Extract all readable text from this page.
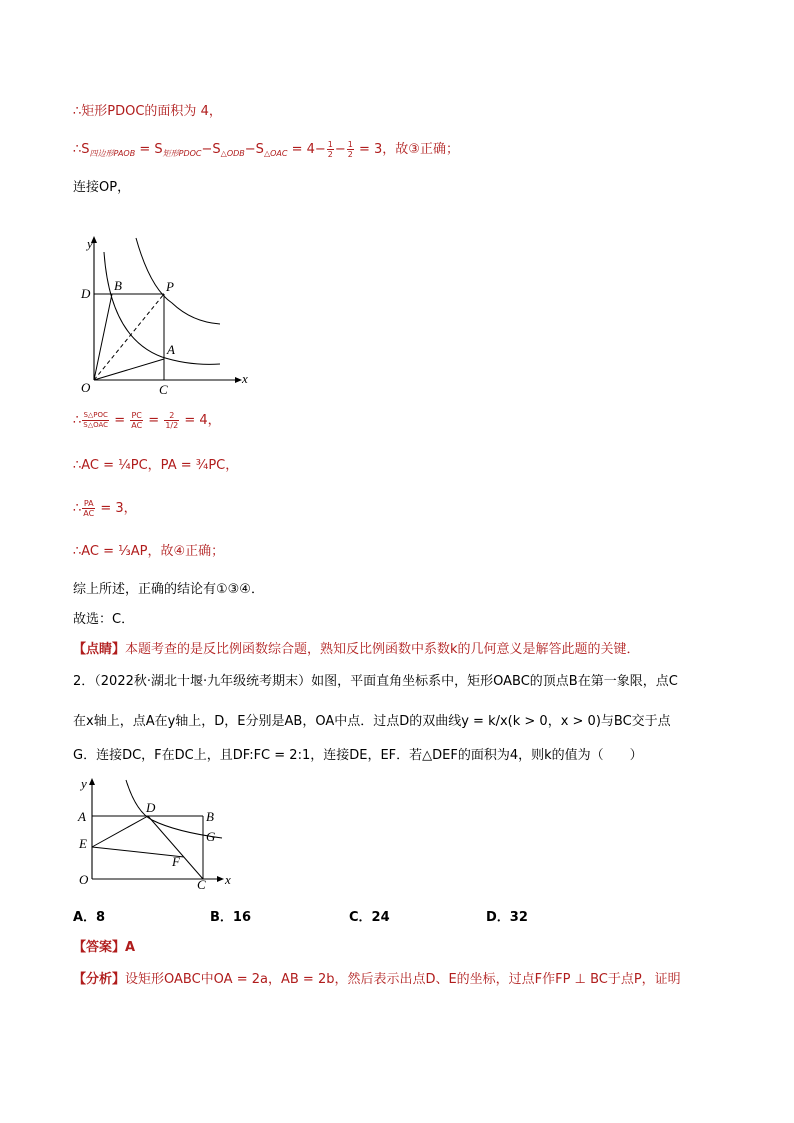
∴矩形PDOC的面积为 4，
$\therefore S_{四边形PAOB} = S_{矩形PDOC}-S_{\triangle ODB}-S_{\triangle OAC} = 4- \frac{1}{2} - \frac{1}{2} = 3$，故③正确；
连接OP，
y
x
D
B	P
A
O	C
∴ $\frac{\text{S△POC}}{\text{S△OAC}} = \frac{PC}{AC} = \frac{2}{1/2} = 4$，
∴AC = ¼PC，PA = ¾PC，
∴ $\frac{PA}{AC} = 3$，
∴AC = ⅓AP，故④正确；
综上所述，正确的结论有①③④．
故选：C．
【点睛】本题考查的是反比例函数综合题，熟知反比例函数中系数k的几何意义是解答此题的关键．
2．（2022秋·湖北十堰·九年级统考期末）如图，平面直角坐标系中，矩形OABC的顶点B在第一象限，点C
在x轴上，点A在y轴上，D，E分别是AB，OA中点．过点D的双曲线y = k/x(k > 0，x > 0)与BC交于点
G．连接DC，F在DC上，且DF:FC = 2:1，连接DE，EF．若△DEF的面积为4，则k的值为（　　）
y
x
A
D
B
G
E
F
O	C
A．8	B．16	C．24	D．32
【答案】A
【分析】设矩形OABC中OA = 2a，AB = 2b，然后表示出点D、E的坐标，过点F作FP ⊥ BC于点P，证明
